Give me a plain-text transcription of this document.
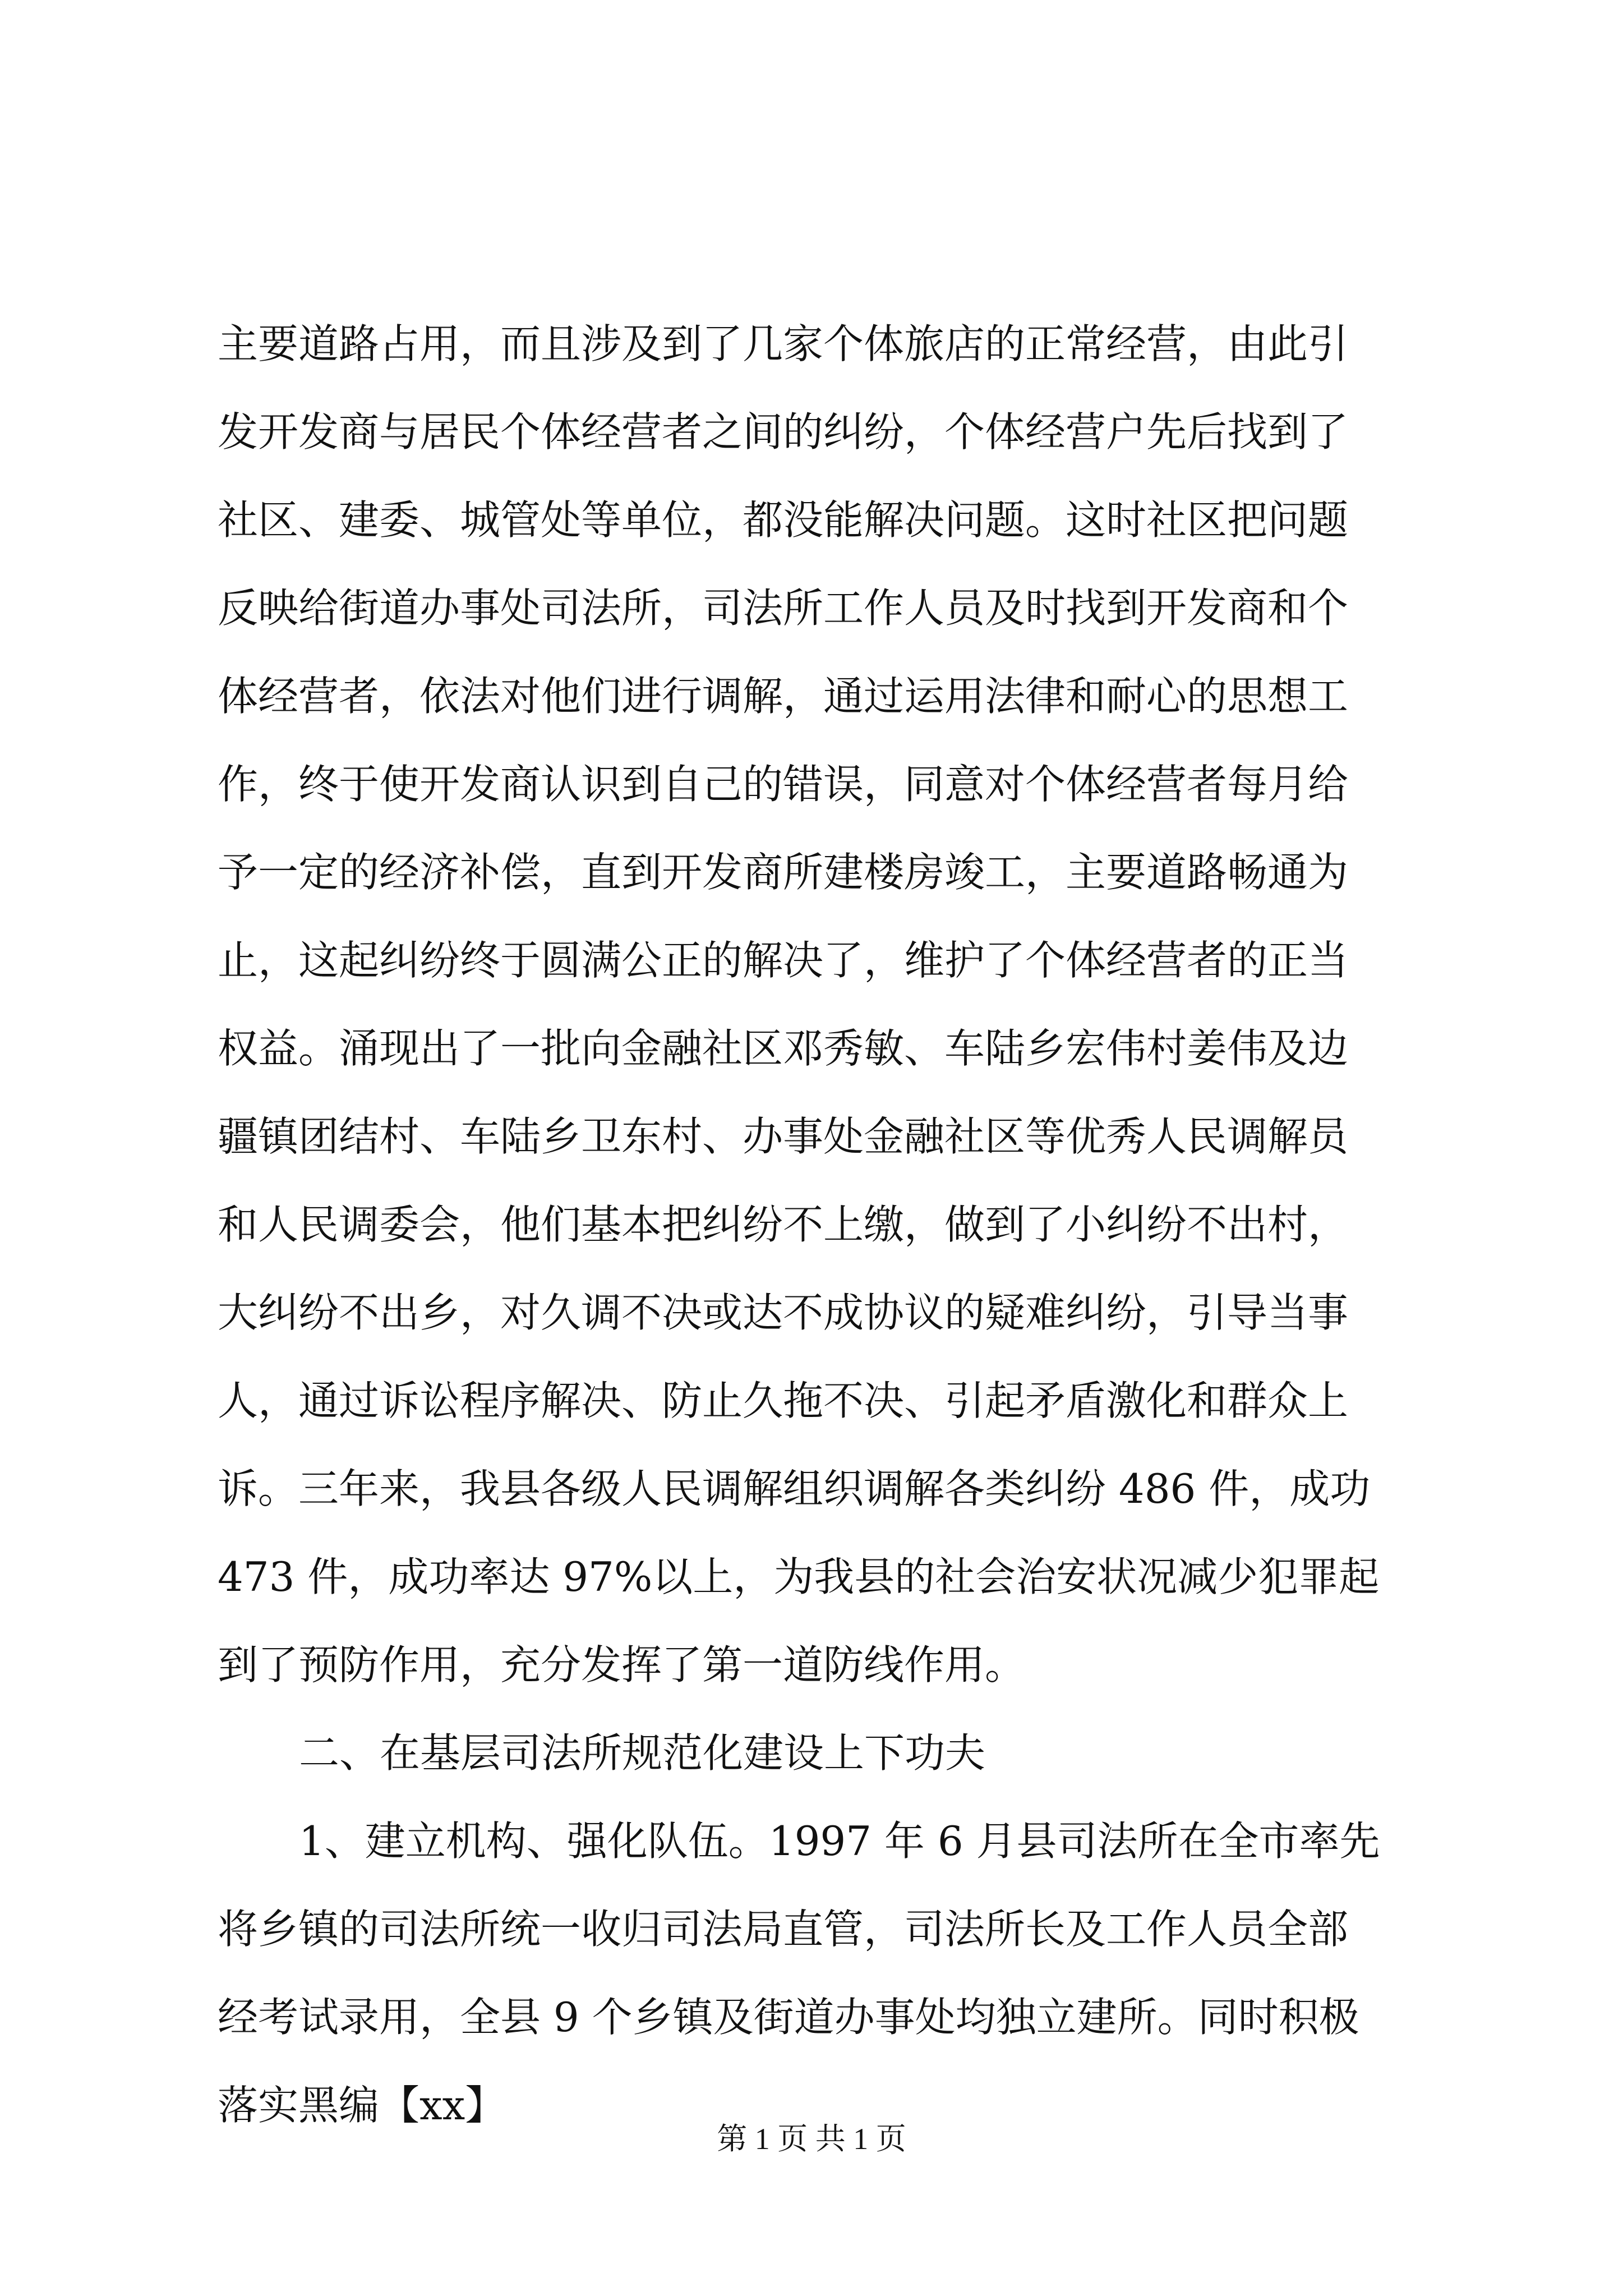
主要道路占用，而且涉及到了几家个体旅店的正常经营，由此引
发开发商与居民个体经营者之间的纠纷，个体经营户先后找到了
社区、建委、城管处等单位，都没能解决问题。这时社区把问题
反映给街道办事处司法所，司法所工作人员及时找到开发商和个
体经营者，依法对他们进行调解，通过运用法律和耐心的思想工
作，终于使开发商认识到自己的错误，同意对个体经营者每月给
予一定的经济补偿，直到开发商所建楼房竣工，主要道路畅通为
止，这起纠纷终于圆满公正的解决了，维护了个体经营者的正当
权益。涌现出了一批向金融社区邓秀敏、车陆乡宏伟村姜伟及边
疆镇团结村、车陆乡卫东村、办事处金融社区等优秀人民调解员
和人民调委会，他们基本把纠纷不上缴，做到了小纠纷不出村，
大纠纷不出乡，对久调不决或达不成协议的疑难纠纷，引导当事
人，通过诉讼程序解决、防止久拖不决、引起矛盾激化和群众上
诉。三年来，我县各级人民调解组织调解各类纠纷 486 件，成功
473 件，成功率达 97%以上，为我县的社会治安状况减少犯罪起
到了预防作用，充分发挥了第一道防线作用。
二、在基层司法所规范化建设上下功夫
1、建立机构、强化队伍。1997 年 6 月县司法所在全市率先
将乡镇的司法所统一收归司法局直管，司法所长及工作人员全部
经考试录用，全县 9 个乡镇及街道办事处均独立建所。同时积极
落实黑编【xx】
第 1 页 共 1 页
